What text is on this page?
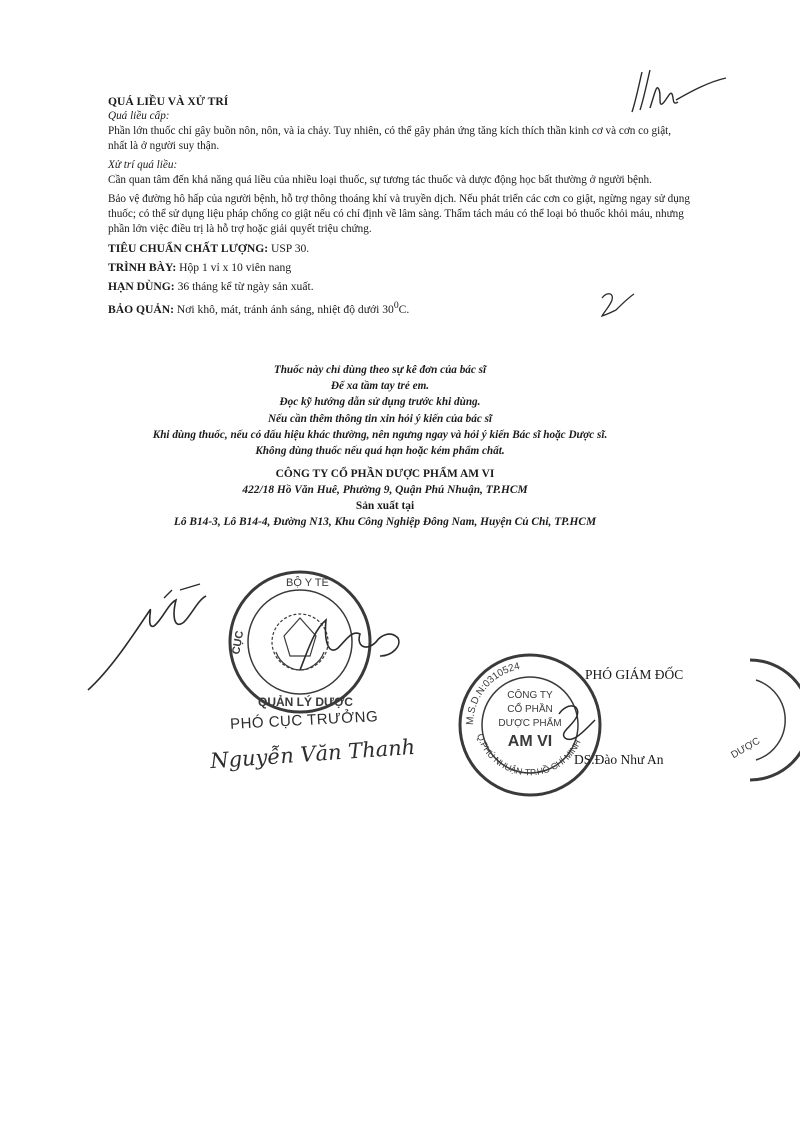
QUÁ LIỀU VÀ XỬ TRÍ

Quá liều cấp:

Phần lớn thuốc chỉ gây buồn nôn, nôn, và ỉa chảy. Tuy nhiên, có thể gây phản ứng tăng kích thích thần kinh cơ và cơn co giật, nhất là ở người suy thận.

Xử trí quá liều:

Cần quan tâm đến khả năng quá liều của nhiều loại thuốc, sự tương tác thuốc và dược động học bất thường ở người bệnh.

Bảo vệ đường hô hấp của người bệnh, hỗ trợ thông thoáng khí và truyền dịch. Nếu phát triển các cơn co giật, ngừng ngay sử dụng thuốc; có thể sử dụng liệu pháp chống co giật nếu có chỉ định về lâm sàng. Thẩm tách máu có thể loại bỏ thuốc khỏi máu, nhưng phần lớn việc điều trị là hỗ trợ hoặc giải quyết triệu chứng.

TIÊU CHUẨN CHẤT LƯỢNG: USP 30.

TRÌNH BÀY: Hộp 1 vỉ x 10 viên nang

HẠN DÙNG: 36 tháng kể từ ngày sản xuất.

BẢO QUẢN: Nơi khô, mát, tránh ánh sáng, nhiệt độ dưới $30^0C$.

Thuốc này chỉ dùng theo sự kê đơn của bác sĩ
Để xa tầm tay trẻ em.
Đọc kỹ hướng dẫn sử dụng trước khi dùng.
Nếu cần thêm thông tin xin hỏi ý kiến của bác sĩ
Khi dùng thuốc, nếu có dấu hiệu khác thường, nên ngưng ngay và hỏi ý kiến Bác sĩ hoặc Dược sĩ.
Không dùng thuốc nếu quá hạn hoặc kém phẩm chất.
CÔNG TY CỔ PHẦN DƯỢC PHẨM AM VI
422/18 Hồ Văn Huê, Phường 9, Quận Phú Nhuận, TP.HCM
Sản xuất tại
Lô B14-3, Lô B14-4, Đường N13, Khu Công Nghiệp Đông Nam, Huyện Củ Chi, TP.HCM
BỘ Y TẾ
QUẢN LÝ DƯỢC
CỤC
PHÓ CỤC TRƯỞNG
Nguyễn Văn Thanh
M.S.D.N:0310524
Q.PHÚ NHUẬN-TP.HỒ CHÍ MINH
CÔNG TY
CỔ PHẦN
DƯỢC PHẨM
AM VI
PHÓ GIÁM ĐỐC
DS.Đào Như An	DƯỢC
